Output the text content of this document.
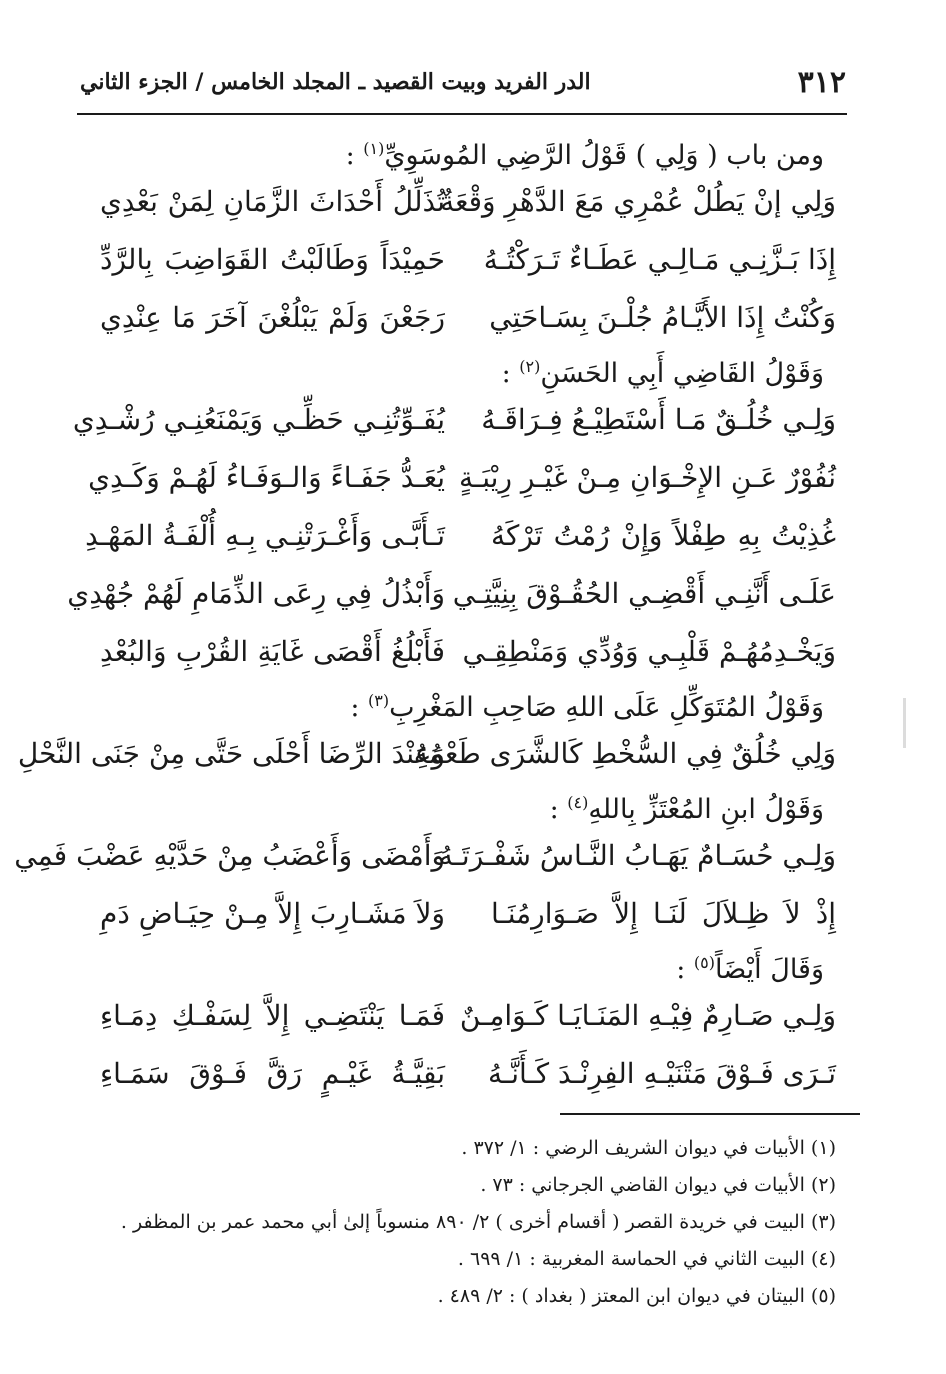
٣١٢
الدر الفريد وبيت القصيد ـ المجلد الخامس / الجزء الثاني
ومن باب ( وَلِي ) قَوْلُ الرَّضِي المُوسَوِيِّ$^{(١)}$ :
وَلِي إنْ يَطُلْ عُمْرِي مَعَ الدَّهْرِ وَقْعَةٌ
تُذَلِّلُ أَحْدَاثَ الزَّمَانِ لِمَنْ بَعْدِي
إِذَا بَـزَّنِـي مَـالِـي عَطَـاءٌ تَـرَكْتُـهُ
حَمِيْدَاً وَطَالَبْتُ القَوَاضِبَ بِالرَّدِّ
وَكُنْتُ إِذَا الأَيَّـامُ جُلْـنَ بِسَـاحَتِي
رَجَعْنَ وَلَمْ يَبْلُغْنَ آخَرَ مَا عِنْدِي
وَقَوْلُ القَاضِي أَبِي الحَسَنِ$^{(٢)}$ :
وَلِـي خُلُـقٌ مَـا أَسْتَطِيْـعُ فِـرَاقَـهُ
يُفَـوِّتُنِـي حَظِّـي وَيَمْنَعُنِـي رُشْـدِي
نُفُوْرٌ عَـنِ الإِخْـوَانِ مِـنْ غَيْـرِ رِيْبَـةٍ
يُعَـدُّ جَفَـاءً وَالـوَفَـاءُ لَهُـمْ وَكَـدِي
غُذِيْتُ بِهِ طِفْلاً وَإِنْ رُمْتُ تَرْكَهُ
تَـأَبَّـى وَأَغْـرَتْنِـي بِـهِ أُلْفَـةُ المَهْـدِ
عَلَـى أَنَّنِـي أَقْضِـي الحُقُـوْقَ بِنِيَّتِـي
وَأَبْذُلُ فِي رِعَى الذِّمَامِ لَهُمْ جُهْدِي
وَيَخْـدِمُهُـمْ قَلْبِـي وَوُدِّي وَمَنْطِقِـي
فَأَبْلُغُ أَقْصَى غَايَةِ القُرْبِ وَالبُعْدِ
وَقَوْلُ المُتَوَكِّلِ عَلَى اللهِ صَاحِبِ المَغْرِبِ$^{(٣)}$ :
وَلِي خُلُقٌ فِي السُّخْطِ كَالشَّرَى طَعْمُهُ
وَعِنْدَ الرِّضَا أَحْلَى حَتَّى مِنْ جَنَى النَّحْلِ
وَقَوْلُ ابنِ المُعْتَزِّ بِاللهِ$^{(٤)}$ :
وَلِـي حُسَـامٌ يَهَـابُ النَّـاسُ شَفْـرَتَـهُ
وَأَمْضَى وَأَعْضَبُ مِنْ حَدَّيْهِ عَضْبَ فَمِي
إِذْ لاَ ظِـلاَلَ لَنَـا إِلاَّ صَـوَارِمُنَـا
وَلاَ مَشَـارِبَ إِلاَّ مِـنْ حِيَـاضِ دَمِ
وَقَالَ أَيْضَاً$^{(٥)}$ :
وَلِـي صَـارِمٌ فِيْـهِ المَنَـايَـا كَـوَامِـنٌ
فَمَـا يَنْتَضِـي إِلاَّ لِسَفْـكِ دِمَـاءِ
تَـرَى فَـوْقَ مَتْنَيْـهِ الفِرِنْـدَ كَـأَنَّـهُ
بَقِيَّـةُ غَيْـمٍ رَقَّ فَـوْقَ سَمَـاءِ
(١) الأبيات في ديوان الشريف الرضي : ١/ ٣٧٢ .
(٢) الأبيات في ديوان القاضي الجرجاني : ٧٣ .
(٣) البيت في خريدة القصر ( أقسام أخرى ) ٢/ ٨٩٠ منسوباً إلىٰ أبي محمد عمر بن المظفر .
(٤) البيت الثاني في الحماسة المغربية : ١/ ٦٩٩ .
(٥) البيتان في ديوان ابن المعتز ( بغداد ) : ٢/ ٤٨٩ .
